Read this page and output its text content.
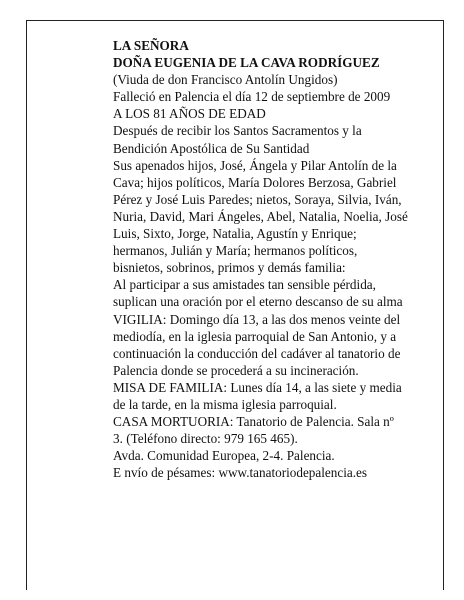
LA SEÑORA
DOÑA EUGENIA DE LA CAVA RODRÍGUEZ
(Viuda de don Francisco Antolín Ungidos)
Falleció en Palencia el día 12 de septiembre de 2009
A LOS 81 AÑOS DE EDAD
Después de recibir los Santos Sacramentos y la
Bendición Apostólica de Su Santidad
Sus apenados hijos, José, Ángela y Pilar Antolín de la
Cava; hijos políticos, María Dolores Berzosa, Gabriel
Pérez y José Luis Paredes; nietos, Soraya, Silvia, Iván,
Nuria, David, Mari Ángeles, Abel, Natalia, Noelia, José
Luis, Sixto, Jorge, Natalia, Agustín y Enrique;
hermanos, Julián y María; hermanos políticos,
bisnietos, sobrinos, primos y demás familia:
Al participar a sus amistades tan sensible pérdida,
suplican una oración por el eterno descanso de su alma
VIGILIA: Domingo día 13, a las dos menos veinte del
mediodía, en la iglesia parroquial de San Antonio, y a
continuación la conducción del cadáver al tanatorio de
Palencia donde se procederá a su incineración.
MISA DE FAMILIA: Lunes día 14, a las siete y media
de la tarde, en la misma iglesia parroquial.
CASA MORTUORIA: Tanatorio de Palencia. Sala nº
3. (Teléfono directo: 979 165 465).
Avda. Comunidad Europea, 2-4. Palencia.
E nvío de pésames: www.tanatoriodepalencia.es
